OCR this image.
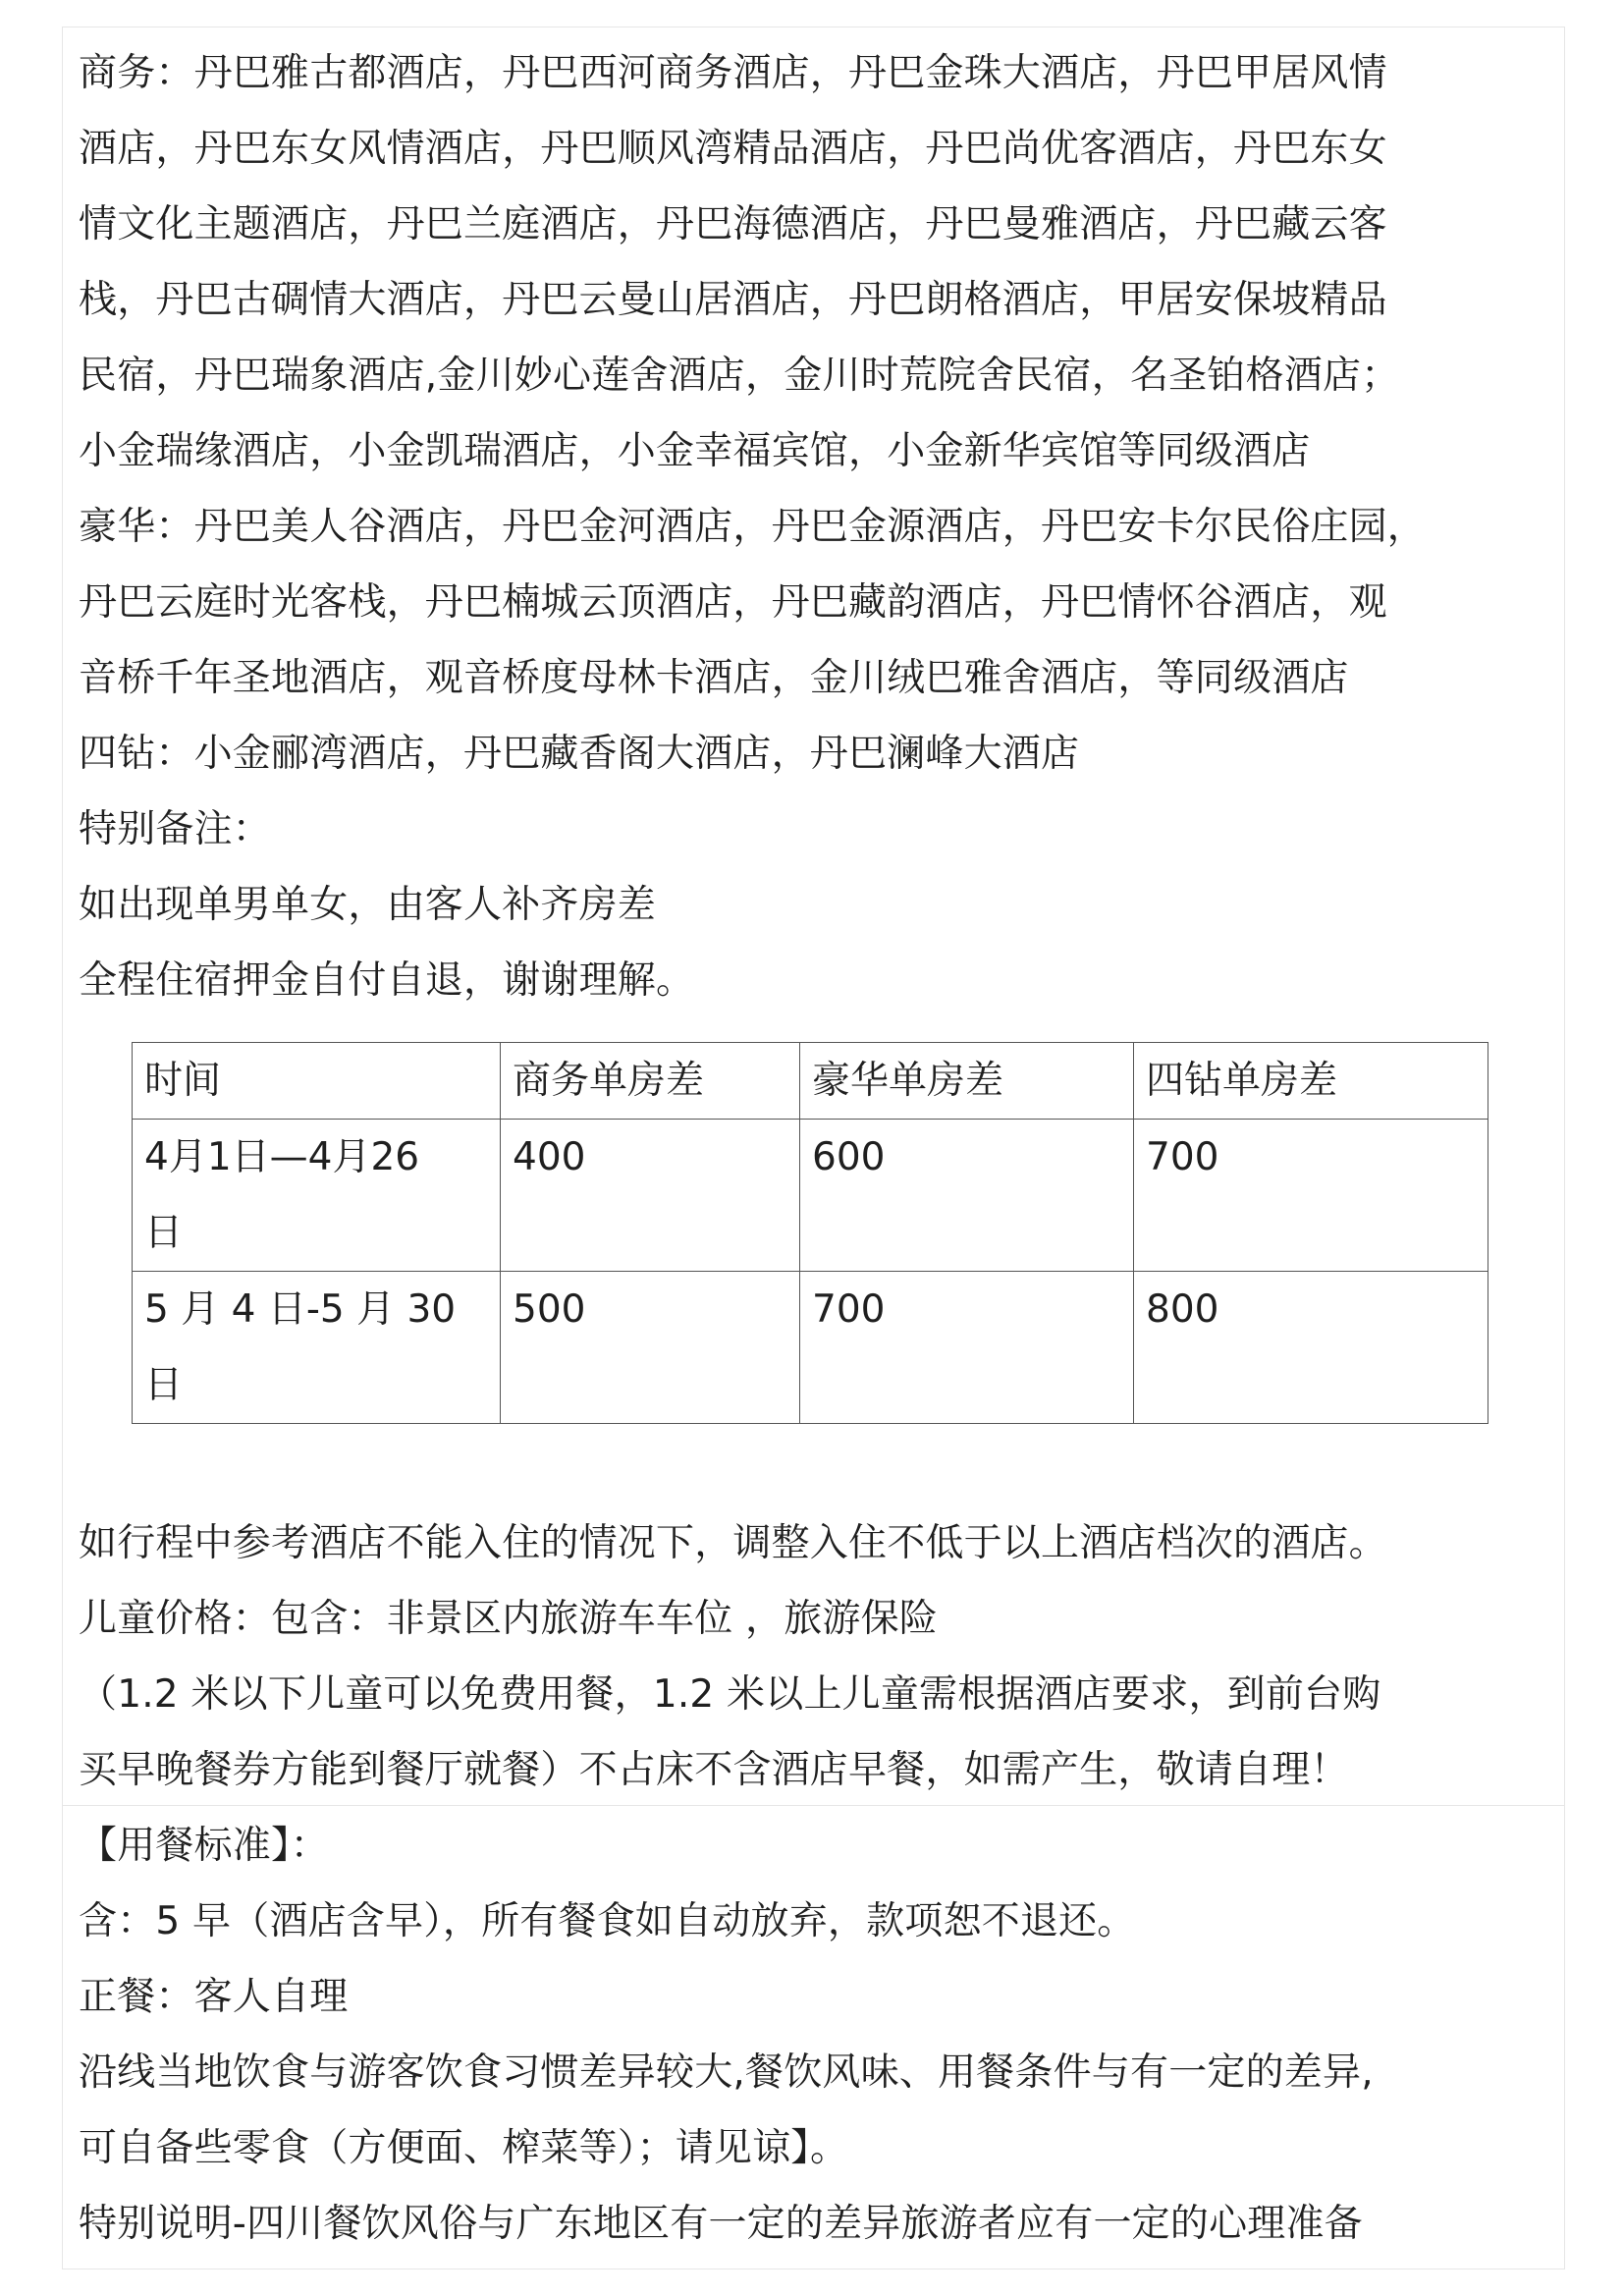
商务：丹巴雅古都酒店，丹巴西河商务酒店，丹巴金珠大酒店，丹巴甲居风情
酒店，丹巴东女风情酒店，丹巴顺风湾精品酒店，丹巴尚优客酒店，丹巴东女
情文化主题酒店，丹巴兰庭酒店，丹巴海德酒店，丹巴曼雅酒店，丹巴藏云客
栈，丹巴古碉情大酒店，丹巴云曼山居酒店，丹巴朗格酒店，甲居安保坡精品
民宿，丹巴瑞象酒店,金川妙心莲舍酒店，金川时荒院舍民宿，名圣铂格酒店；
小金瑞缘酒店，小金凯瑞酒店，小金幸福宾馆，小金新华宾馆等同级酒店
豪华：丹巴美人谷酒店，丹巴金河酒店，丹巴金源酒店，丹巴安卡尔民俗庄园，
丹巴云庭时光客栈，丹巴楠城云顶酒店，丹巴藏韵酒店，丹巴情怀谷酒店，观
音桥千年圣地酒店，观音桥度母林卡酒店，金川绒巴雅舍酒店，等同级酒店
四钻：小金郦湾酒店，丹巴藏香阁大酒店，丹巴澜峰大酒店
特别备注：
如出现单男单女，由客人补齐房差
全程住宿押金自付自退，谢谢理解。
时间	商务单房差	豪华单房差	四钻单房差

4月1日—4月26
日	400	600	700

5 月 4 日-5 月 30
日	500	700	800
如行程中参考酒店不能入住的情况下，调整入住不低于以上酒店档次的酒店。
儿童价格：包含：非景区内旅游车车位 ，旅游保险
（1.2 米以下儿童可以免费用餐，1.2 米以上儿童需根据酒店要求，到前台购
买早晚餐券方能到餐厅就餐）不占床不含酒店早餐，如需产生，敬请自理！
【用餐标准】：
含：5 早（酒店含早），所有餐食如自动放弃，款项恕不退还。
正餐：客人自理
沿线当地饮食与游客饮食习惯差异较大,餐饮风味、用餐条件与有一定的差异,
可自备些零食（方便面、榨菜等）；请见谅】。
特别说明-四川餐饮风俗与广东地区有一定的差异旅游者应有一定的心理准备
